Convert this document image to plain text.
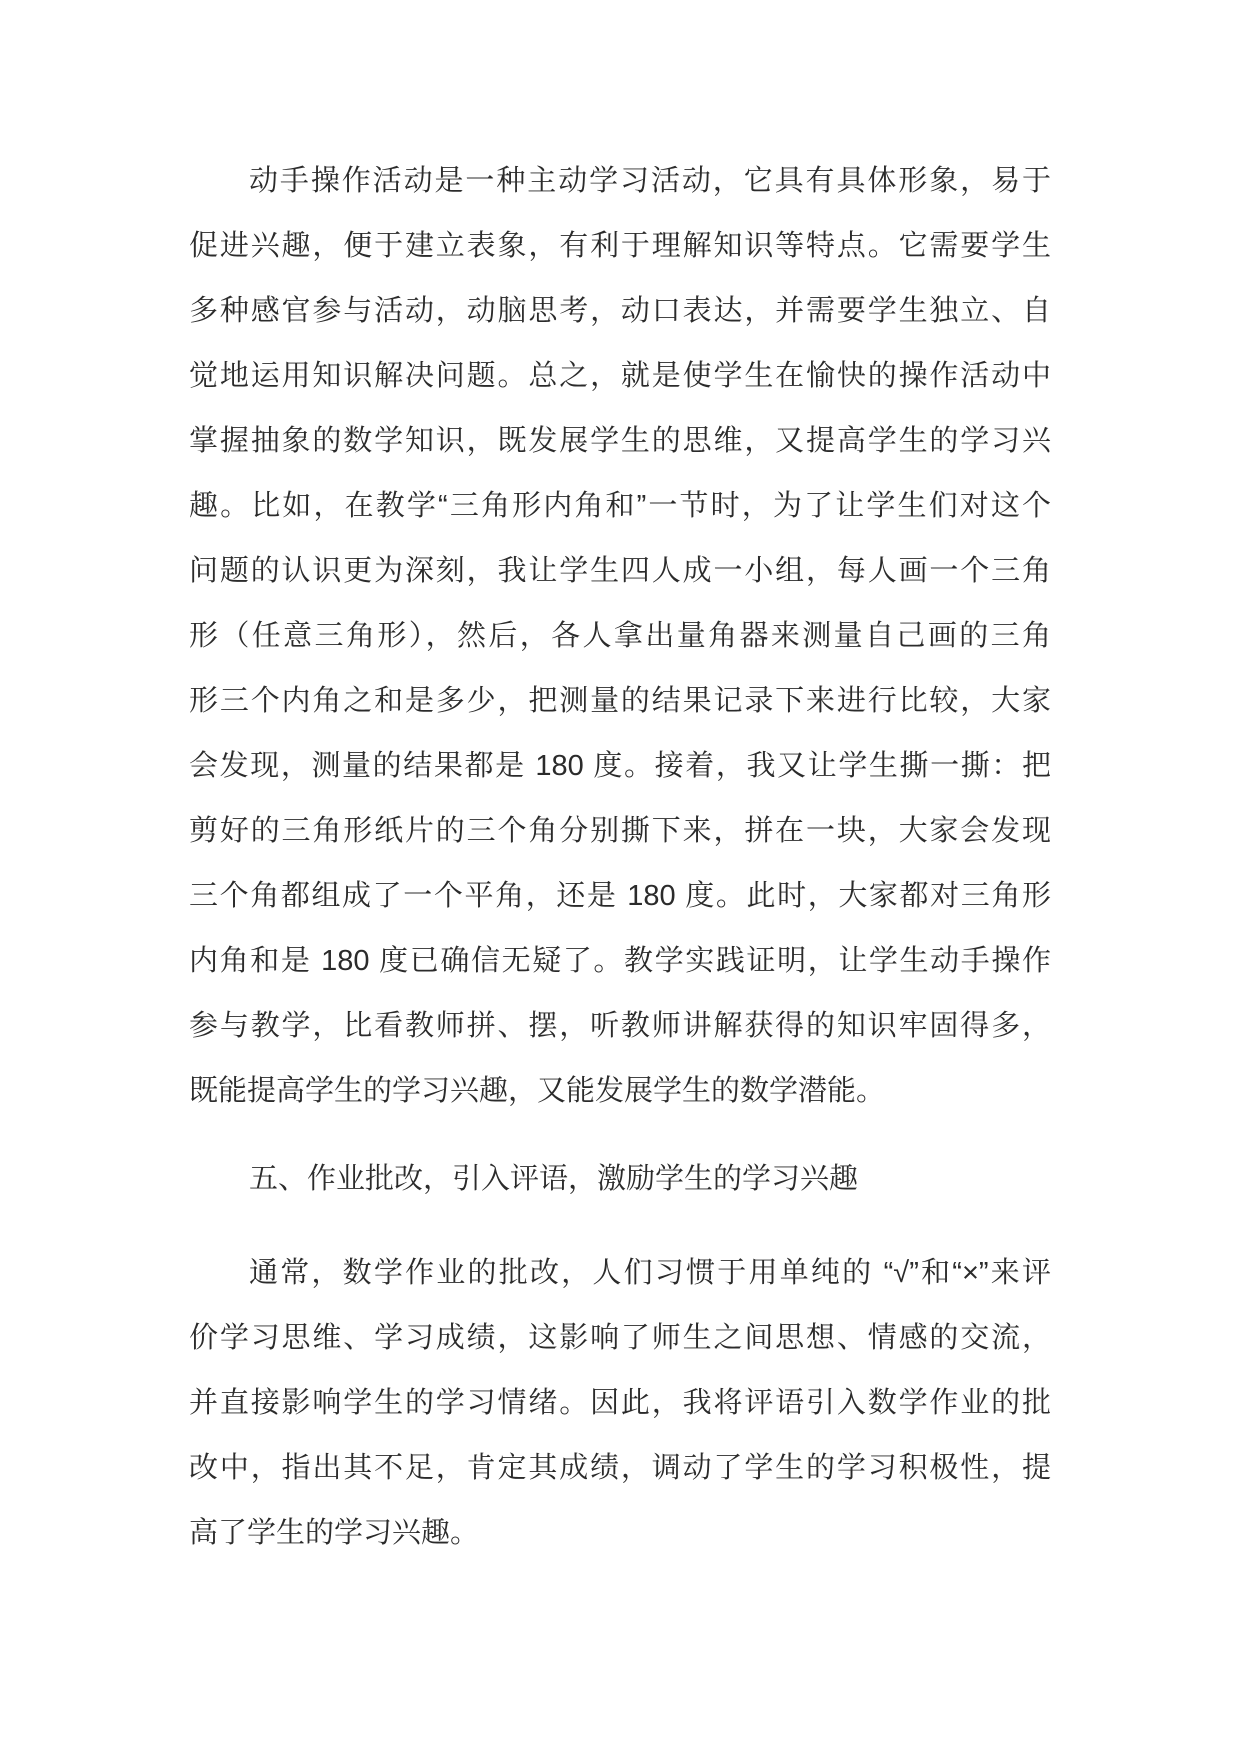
动手操作活动是一种主动学习活动，它具有具体形象，易于
促进兴趣，便于建立表象，有利于理解知识等特点。它需要学生
多种感官参与活动，动脑思考，动口表达，并需要学生独立、自
觉地运用知识解决问题。总之，就是使学生在愉快的操作活动中
掌握抽象的数学知识，既发展学生的思维，又提高学生的学习兴
趣。比如，在教学“三角形内角和”一节时，为了让学生们对这个
问题的认识更为深刻，我让学生四人成一小组，每人画一个三角
形（任意三角形），然后，各人拿出量角器来测量自己画的三角
形三个内角之和是多少，把测量的结果记录下来进行比较，大家
会发现，测量的结果都是 180 度。接着，我又让学生撕一撕：把
剪好的三角形纸片的三个角分别撕下来，拼在一块，大家会发现
三个角都组成了一个平角，还是 180 度。此时，大家都对三角形
内角和是 180 度已确信无疑了。教学实践证明，让学生动手操作
参与教学，比看教师拼、摆，听教师讲解获得的知识牢固得多，
既能提高学生的学习兴趣，又能发展学生的数学潜能。
五、作业批改，引入评语，激励学生的学习兴趣
通常，数学作业的批改，人们习惯于用单纯的 “√”和“×”来评
价学习思维、学习成绩，这影响了师生之间思想、情感的交流，
并直接影响学生的学习情绪。因此，我将评语引入数学作业的批
改中，指出其不足，肯定其成绩，调动了学生的学习积极性，提
高了学生的学习兴趣。
